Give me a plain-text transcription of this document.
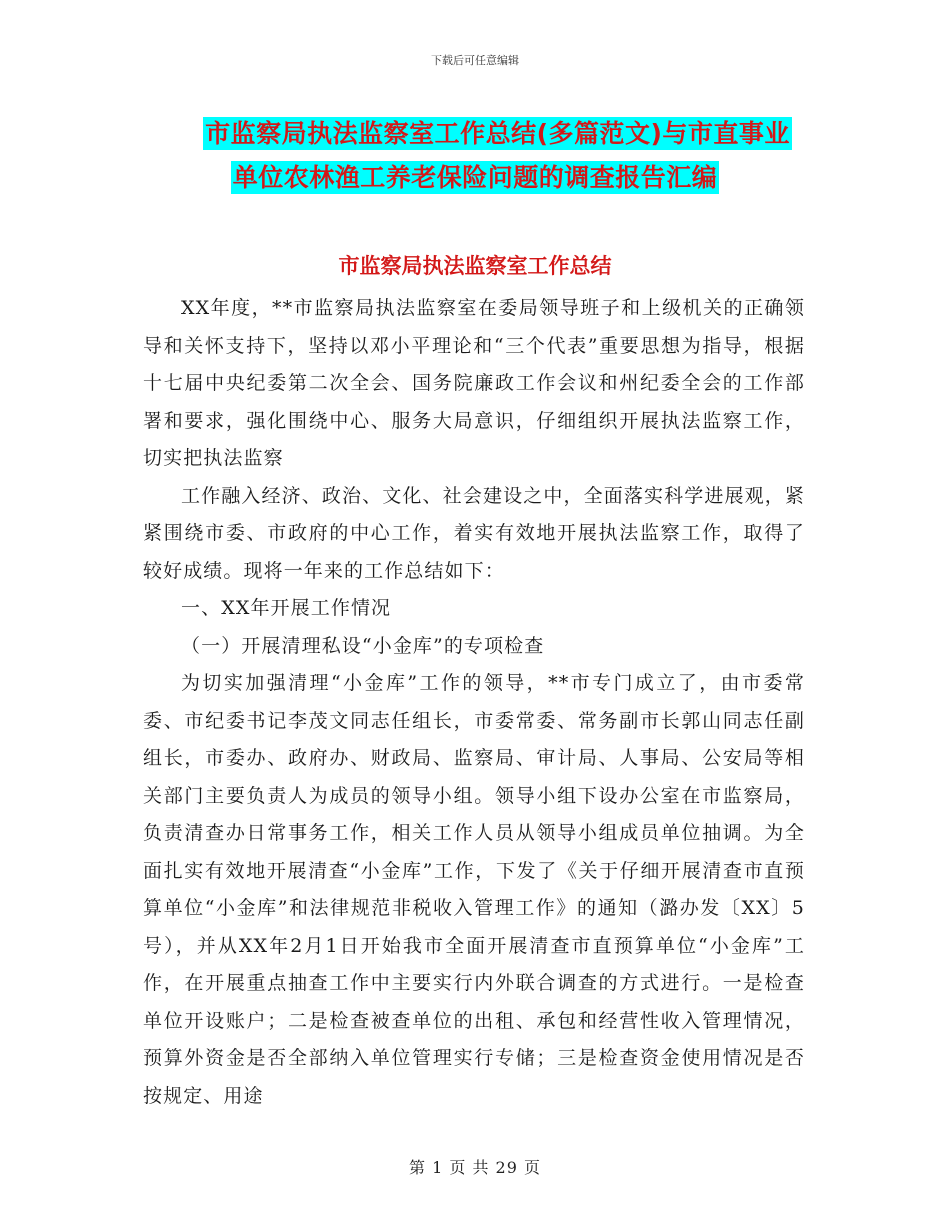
下载后可任意编辑
市监察局执法监察室工作总结(多篇范文)与市直事业
单位农林渔工养老保险问题的调查报告汇编
市监察局执法监察室工作总结

XX年度，**市监察局执法监察室在委局领导班子和上级机关的正确领导和关怀支持下，坚持以邓小平理论和“三个代表”重要思想为指导，根据十七届中央纪委第二次全会、国务院廉政工作会议和州纪委全会的工作部署和要求，强化围绕中心、服务大局意识，仔细组织开展执法监察工作，切实把执法监察

工作融入经济、政治、文化、社会建设之中，全面落实科学进展观，紧紧围绕市委、市政府的中心工作，着实有效地开展执法监察工作，取得了较好成绩。现将一年来的工作总结如下：

一、XX年开展工作情况

（一）开展清理私设“小金库”的专项检查

为切实加强清理“小金库”工作的领导，**市专门成立了，由市委常委、市纪委书记李茂文同志任组长，市委常委、常务副市长郭山同志任副组长，市委办、政府办、财政局、监察局、审计局、人事局、公安局等相关部门主要负责人为成员的领导小组。领导小组下设办公室在市监察局，负责清查办日常事务工作，相关工作人员从领导小组成员单位抽调。为全面扎实有效地开展清查“小金库”工作，下发了《关于仔细开展清查市直预算单位“小金库”和法律规范非税收入管理工作》的通知（潞办发〔XX〕5号），并从XX年2月1日开始我市全面开展清查市直预算单位“小金库”工作，在开展重点抽查工作中主要实行内外联合调查的方式进行。一是检查单位开设账户；二是检查被查单位的出租、承包和经营性收入管理情况，预算外资金是否全部纳入单位管理实行专储；三是检查资金使用情况是否按规定、用途

第 1 页 共 29 页
